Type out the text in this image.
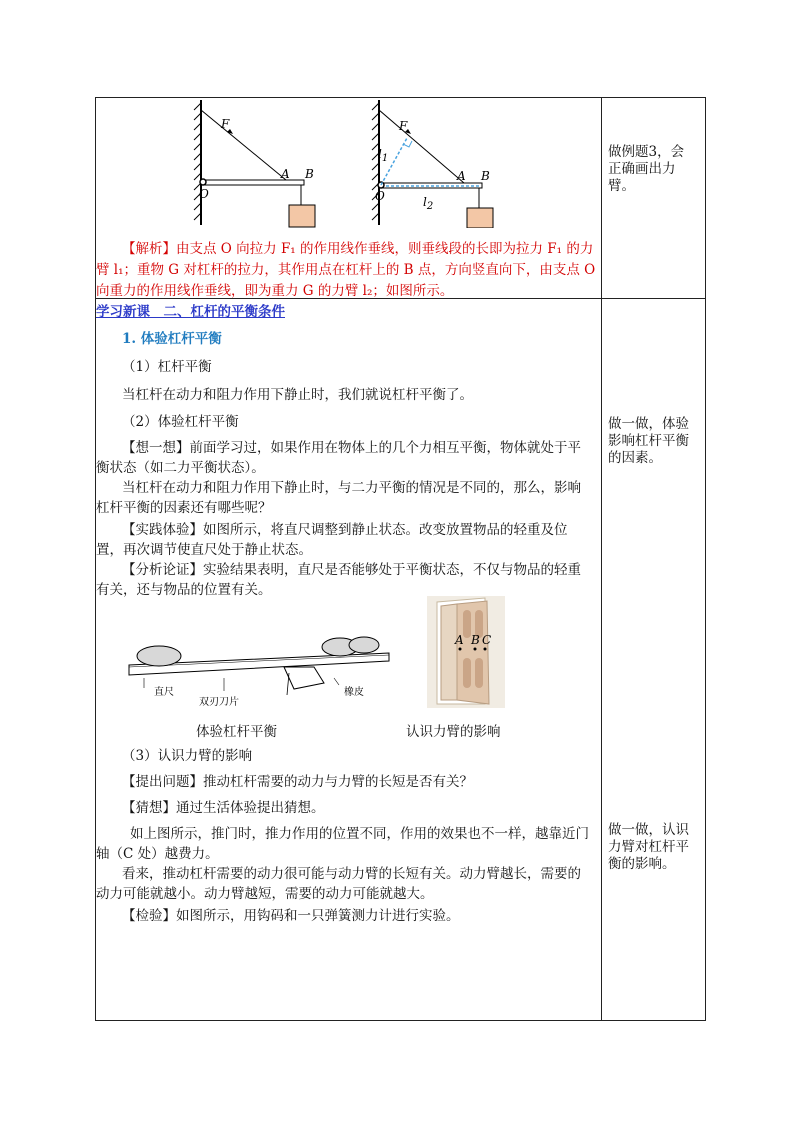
F
A B
O
F
A B
O
$l_1$
$l_2$
【解析】由支点 O 向拉力 F₁ 的作用线作垂线，则垂线段的长即为拉力 F₁ 的力臂 l₁；重物 G 对杠杆的拉力，其作用点在杠杆上的 B 点，方向竖直向下，由支点 O 向重力的作用线作垂线，即为重力 G 的力臂 l₂；如图所示。
做例题3，会正确画出力臂。
学习新课　二、杠杆的平衡条件
1. 体验杠杆平衡
（1）杠杆平衡
当杠杆在动力和阻力作用下静止时，我们就说杠杆平衡了。
（2）体验杠杆平衡
【想一想】前面学习过，如果作用在物体上的几个力相互平衡，物体就处于平衡状态（如二力平衡状态）。
当杠杆在动力和阻力作用下静止时，与二力平衡的情况是不同的，那么，影响杠杆平衡的因素还有哪些呢？
【实践体验】如图所示，将直尺调整到静止状态。改变放置物品的轻重及位置，再次调节使直尺处于静止状态。
【分析论证】实验结果表明，直尺是否能够处于平衡状态，不仅与物品的轻重有关，还与物品的位置有关。
直尺
双刃刀片
橡皮
A B C
体验杠杆平衡	认识力臂的影响
（3）认识力臂的影响
【提出问题】推动杠杆需要的动力与力臂的长短是否有关？
【猜想】通过生活体验提出猜想。
如上图所示，推门时，推力作用的位置不同，作用的效果也不一样，越靠近门轴（C 处）越费力。
看来，推动杠杆需要的动力很可能与动力臂的长短有关。动力臂越长，需要的动力可能就越小。动力臂越短，需要的动力可能就越大。
【检验】如图所示，用钩码和一只弹簧测力计进行实验。
做一做，体验影响杠杆平衡的因素。
做一做，认识力臂对杠杆平衡的影响。
